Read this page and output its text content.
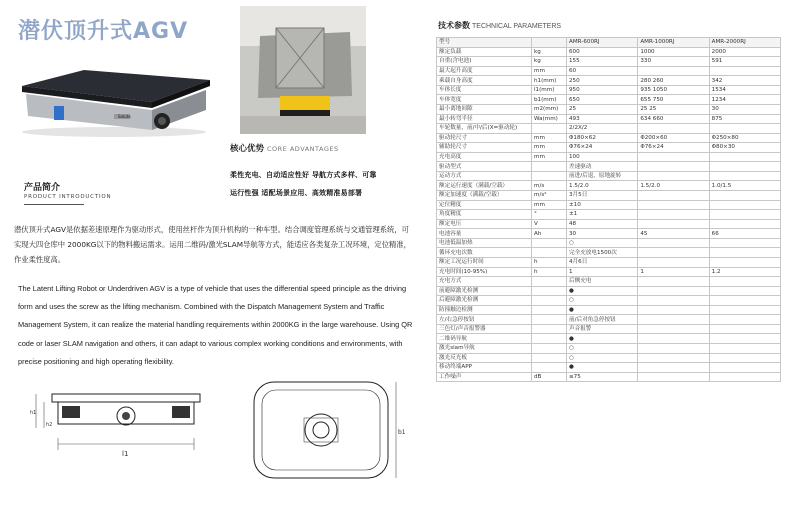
潜伏顶升式AGV
Salute
核心优势 CORE ADVANTAGES
柔性充电、自动适应性好 导航方式多样、可靠
运行性强 适配场景应用、高效精准易部署
产品简介
PRODUCT INTRODUCTION
潜伏顶升式AGV是依据差速原理作为驱动形式，使用丝杆作为顶升机构的一种车型。结合调度管理系统与交通管理系统，可实现大四仓库中 2000KG以下的物料搬运需求。运用二维码/激光SLAM导航等方式，能适应各类复杂工况环境，定位精准，作业柔性度高。
The Latent Lifting Robot or Underdriven AGV is a type of vehicle that uses the differential speed principle as the driving form and uses the screw as the lifting mechanism. Combined with the Dispatch Management System and Traffic Management System, it can realize the material handling requirements within 2000KG in the large warehouse. Using QR code or laser SLAM navigation and others, it can adapt to various complex working conditions and environments, with precise positioning and high operating flexibility.
l1
h1
h2
b1
技术参数 TECHNICAL PARAMETERS
型号		AMR-600RJ	AMR-1000RJ	AMR-2000RJ
额定负载	kg	600	1000	2000
自重(含电池)	kg	155	330	591
最大起升高度	mm	60		
乘载自身高度	h1(mm)	250	280 260	342
车体长度	l1(mm)	950	935 1050	1534
车体宽度	b1(mm)	650	655 750	1234
最小离地间隙	m2(mm)	25	25 25	30
最小转弯半径	Wa(mm)	493	634 660	875
车轮数量，前/中/后(X=驱动轮)		2/2X/2		
驱动轮尺寸	mm	Φ180×62	Φ200×60	Φ250×80
辅助轮尺寸	mm	Φ76×24	Φ76×24	Φ80×30
充电高度	mm	100		
驱动型式		差速驱动		
运动方式		前进/后退，原地旋转		
额定运行速度（满载/空载）	m/s	1.5/2.0	1.5/2.0	1.0/1.5
额定加速度（满载/空载）	m/s²	3月5日		
定位精度	mm	±10		
角度精度	°	±1		
额定电压	V	48		
电池容量	Ah	30	45	66
电池低温加热		○		
循环充电次数		完全充放电1500次		
额定工况运行时间	h	4月6日		
充电时间(10-95%)	h	1	1	1.2
充电方式		后侧充电		
前避障激光检测		●		
后避障激光检测		○		
防撞触边检测		●		
左/右急停按钮		前/后对角急停按钮		
三色灯/声音报警器		声音报警		
二维码导航		●		
激光slam导航		○		
激光反光板		○		
移动终端APP		●		
工作噪声	dB	≤75		
